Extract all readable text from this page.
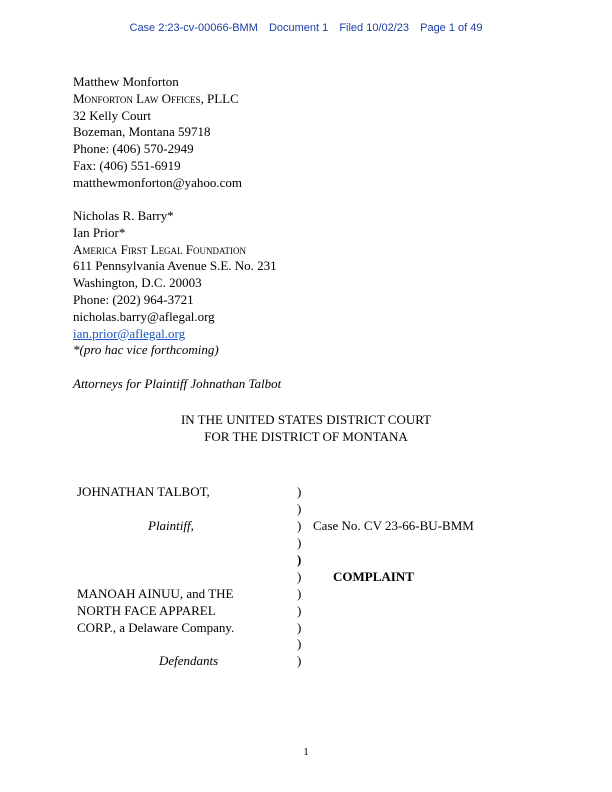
Case 2:23-cv-00066-BMM Document 1 Filed 10/02/23 Page 1 of 49
Matthew Monforton
Monforton Law Offices, PLLC
32 Kelly Court
Bozeman, Montana 59718
Phone: (406) 570-2949
Fax: (406) 551-6919
matthewmonforton@yahoo.com
Nicholas R. Barry*
Ian Prior*
America First Legal Foundation
611 Pennsylvania Avenue S.E. No. 231
Washington, D.C. 20003
Phone: (202) 964-3721
nicholas.barry@aflegal.org
ian.prior@aflegal.org
*(pro hac vice forthcoming)
Attorneys for Plaintiff Johnathan Talbot
IN THE UNITED STATES DISTRICT COURT
FOR THE DISTRICT OF MONTANA
JOHNATHAN TALBOT,
Plaintiff,
MANOAH AINUU, and THE
NORTH FACE APPAREL
CORP., a Delaware Company.
Defendants
Case No. CV 23-66-BU-BMM
COMPLAINT
)
)
)
)
)
)
)
)
)
)
)
1
